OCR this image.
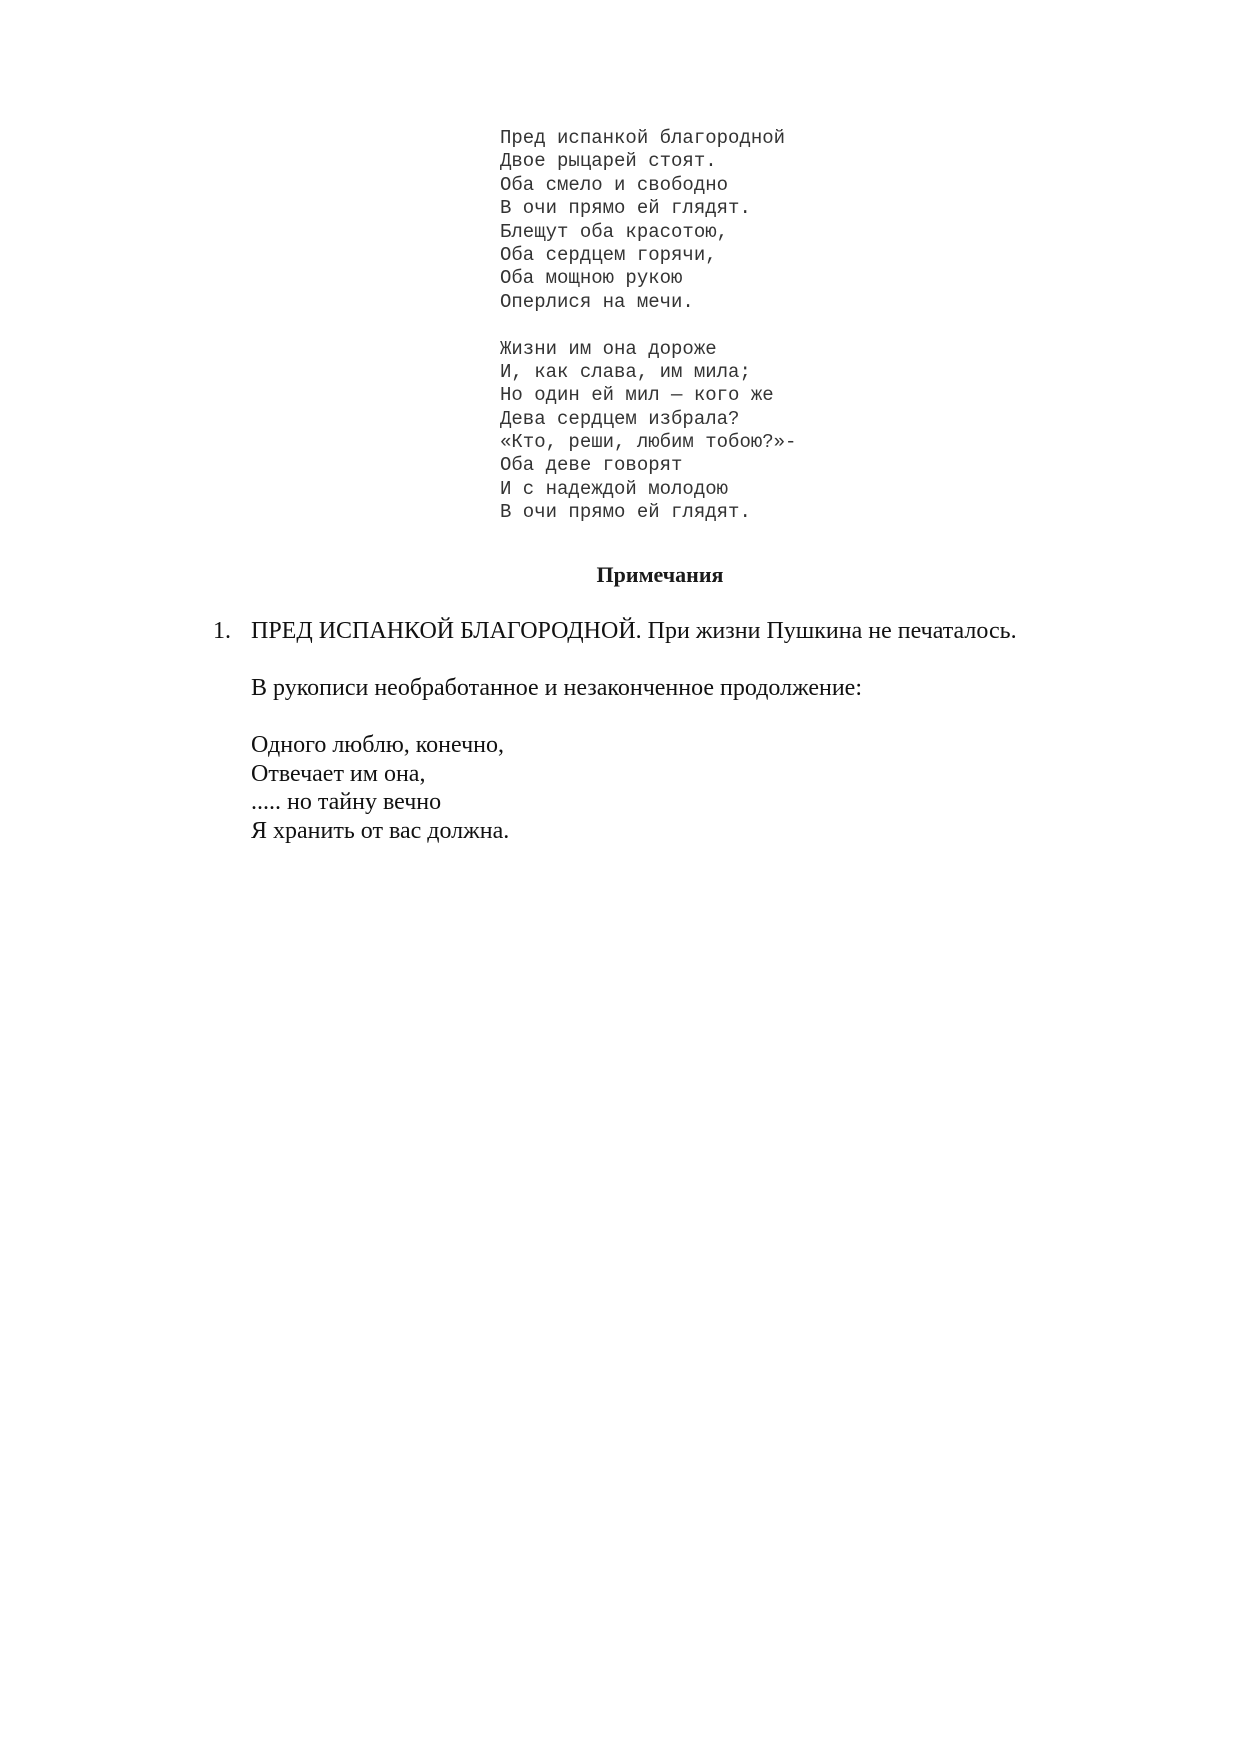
Пред испанкой благородной
Двое рыцарей стоят.
Оба смело и свободно
В очи прямо ей глядят.
Блещут оба красотою,
Оба сердцем горячи,
Оба мощною рукою
Оперлися на мечи.
Жизни им она дороже
И, как слава, им мила;
Но один ей мил — кого же
Дева сердцем избрала?
«Кто, реши, любим тобою?»-
Оба деве говорят
И с надеждой молодою
В очи прямо ей глядят.
Примечания
1. ПРЕД ИСПАНКОЙ БЛАГОРОДНОЙ. При жизни Пушкина не печаталось.

В рукописи необработанное и незаконченное продолжение:

Одного люблю, конечно,
Отвечает им она,
..... но тайну вечно
Я хранить от вас должна.
